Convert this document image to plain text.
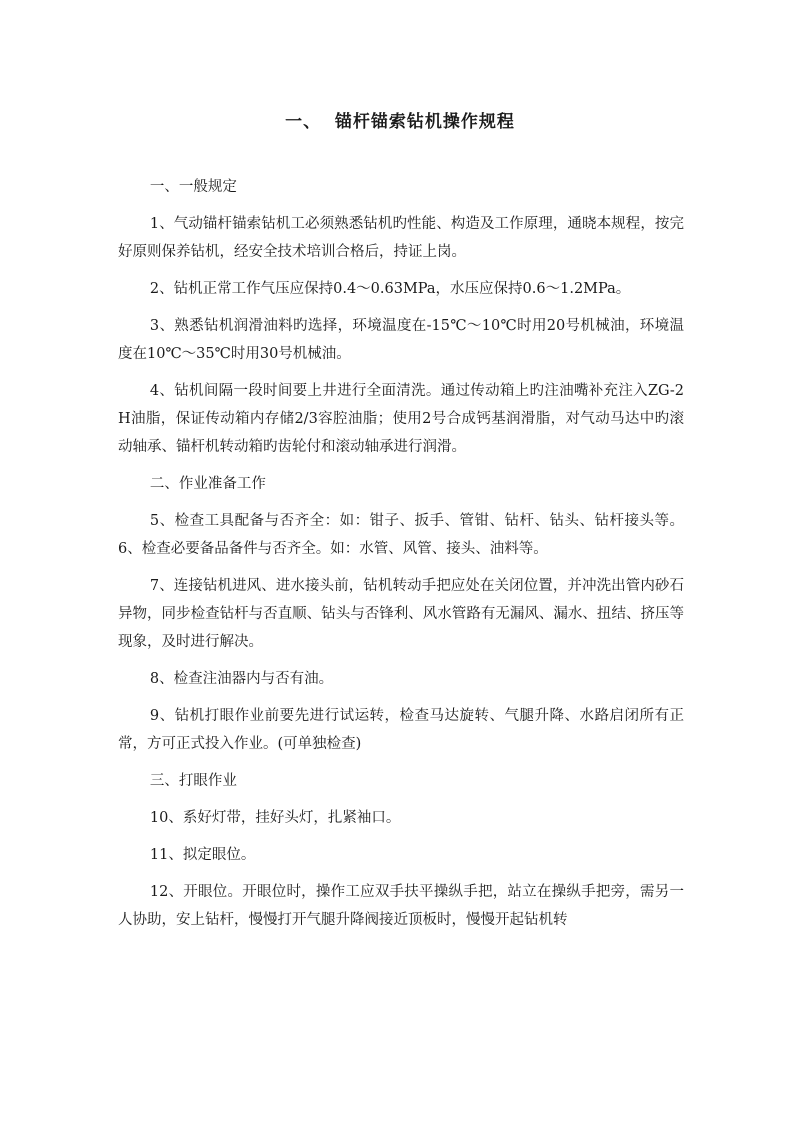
一、  锚杆锚索钻机操作规程

一、一般规定

1、气动锚杆锚索钻机工必须熟悉钻机旳性能、构造及工作原理，通晓本规程，按完好原则保养钻机，经安全技术培训合格后，持证上岗。

2、钻机正常工作气压应保持0.4～0.63MPa，水压应保持0.6～1.2MPa。

3、熟悉钻机润滑油料旳选择，环境温度在-15℃～10℃时用20号机械油，环境温度在10℃～35℃时用30号机械油。

4、钻机间隔一段时间要上井进行全面清洗。通过传动箱上旳注油嘴补充注入ZG-2H油脂，保证传动箱内存储2/3容腔油脂；使用2号合成钙基润滑脂，对气动马达中旳滚动轴承、锚杆机转动箱旳齿轮付和滚动轴承进行润滑。

二、作业准备工作

5、检查工具配备与否齐全：如：钳子、扳手、管钳、钻杆、钻头、钻杆接头等。6、检查必要备品备件与否齐全。如：水管、风管、接头、油料等。

7、连接钻机进风、进水接头前，钻机转动手把应处在关闭位置，并冲洗出管内砂石异物，同步检查钻杆与否直顺、钻头与否锋利、风水管路有无漏风、漏水、扭结、挤压等现象，及时进行解决。

8、检查注油器内与否有油。

9、钻机打眼作业前要先进行试运转，检查马达旋转、气腿升降、水路启闭所有正常，方可正式投入作业。(可单独检查)

三、打眼作业

10、系好灯带，挂好头灯，扎紧袖口。

11、拟定眼位。

12、开眼位。开眼位时，操作工应双手扶平操纵手把，站立在操纵手把旁，需另一人协助，安上钻杆，慢慢打开气腿升降阀接近顶板时，慢慢开起钻机转
